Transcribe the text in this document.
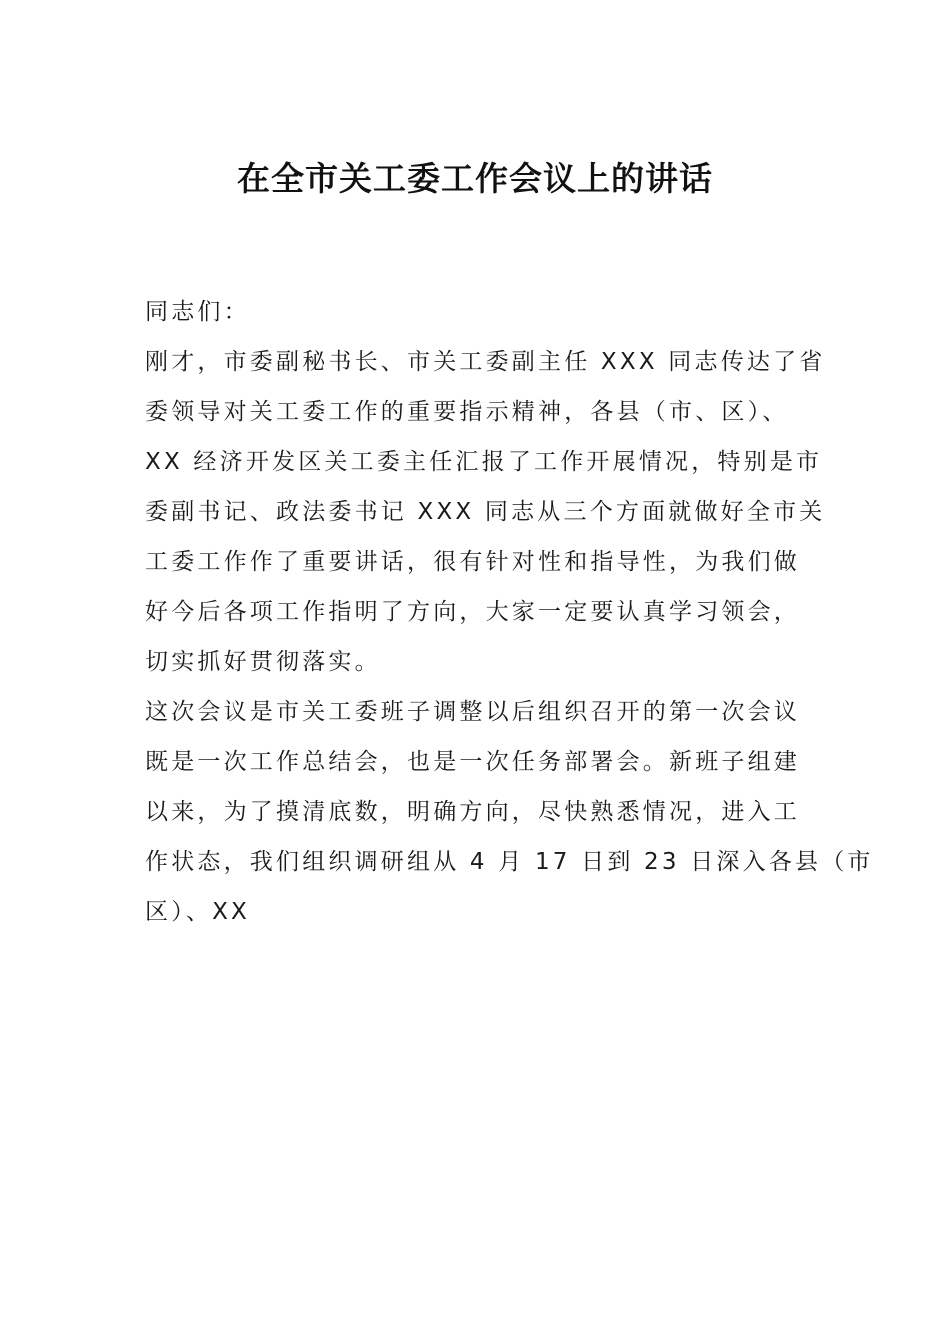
在全市关工委工作会议上的讲话
同志们：
刚才，市委副秘书长、市关工委副主任 XXX 同志传达了省
委领导对关工委工作的重要指示精神，各县（市、区）、
XX 经济开发区关工委主任汇报了工作开展情况，特别是市
委副书记、政法委书记 XXX 同志从三个方面就做好全市关
工委工作作了重要讲话，很有针对性和指导性，为我们做
好今后各项工作指明了方向，大家一定要认真学习领会，
切实抓好贯彻落实。
这次会议是市关工委班子调整以后组织召开的第一次会议
既是一次工作总结会，也是一次任务部署会。新班子组建
以来，为了摸清底数，明确方向，尽快熟悉情况，进入工
作状态，我们组织调研组从 4 月 17 日到 23 日深入各县（市
区）、XX
